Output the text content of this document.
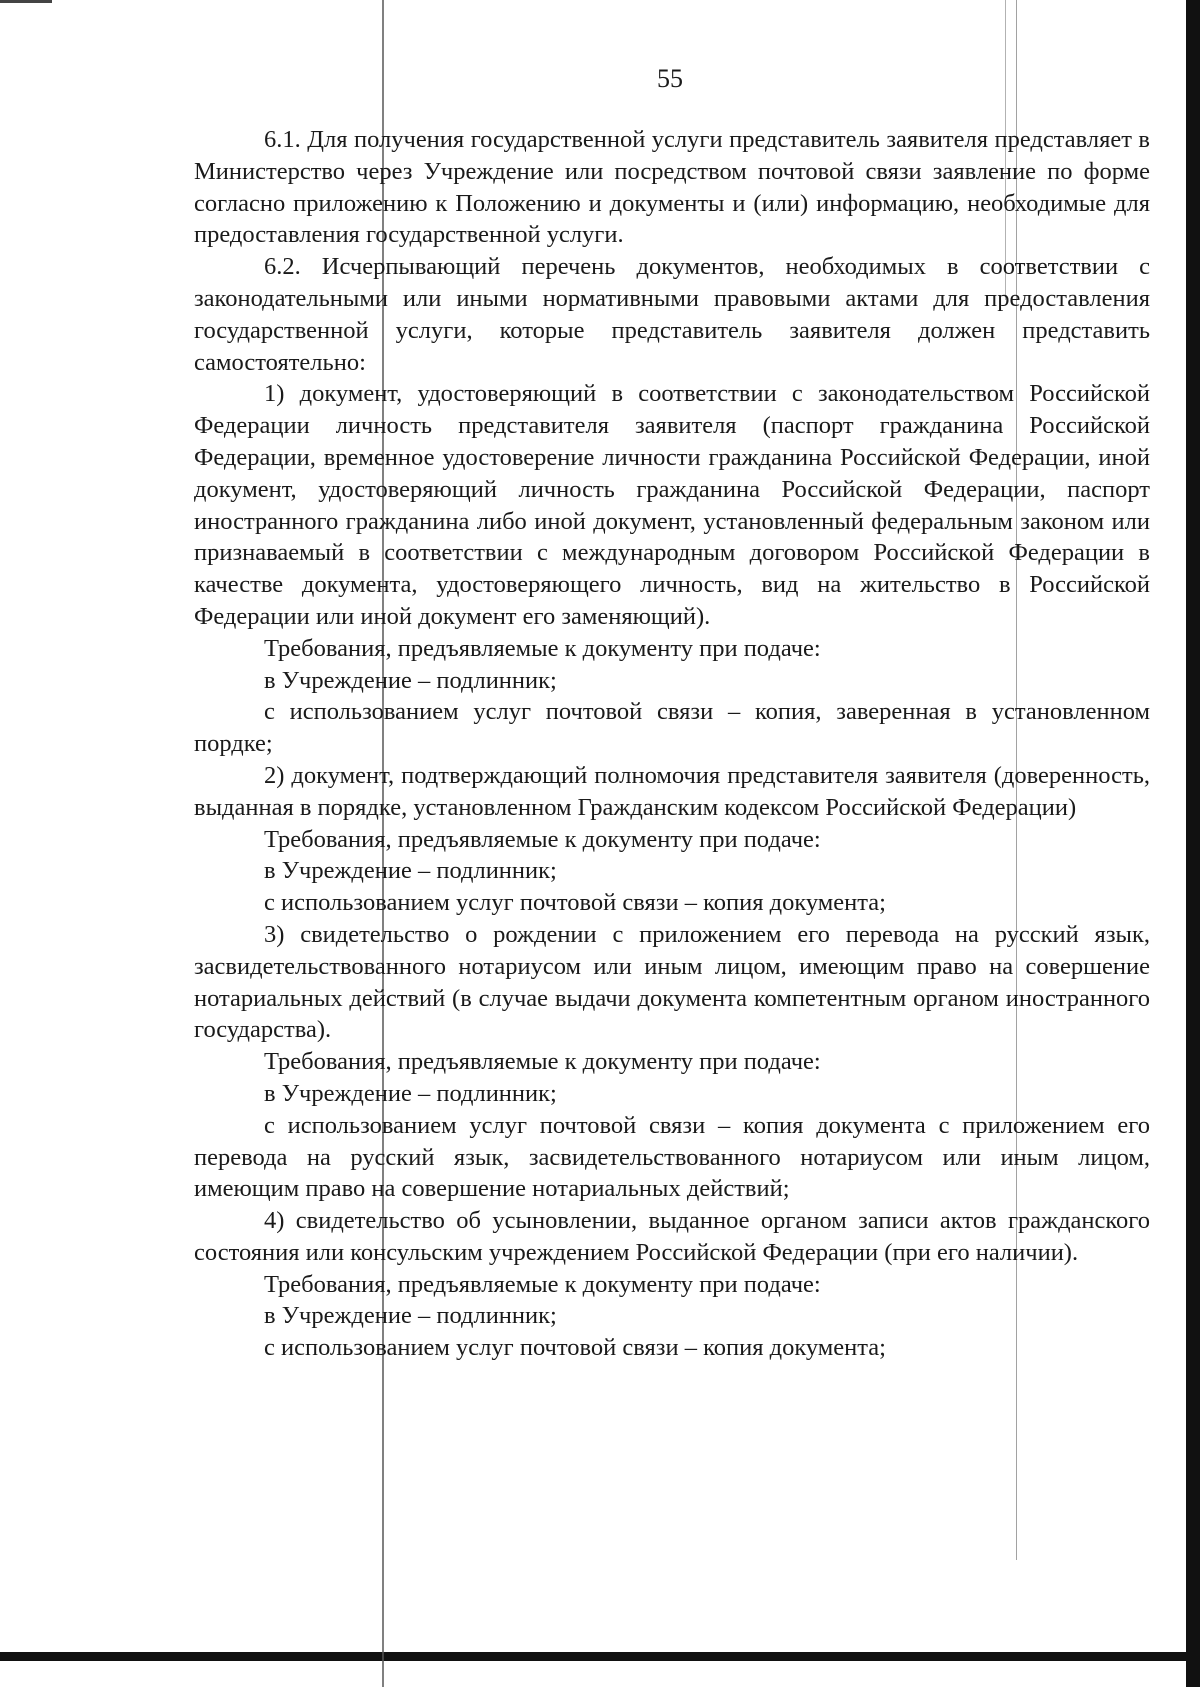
55

6.1. Для получения государственной услуги представитель заявителя представляет в Министерство через Учреждение или посредством почтовой связи заявление по форме согласно приложению к Положению и документы и (или) информацию, необходимые для предоставления государственной услуги.

6.2. Исчерпывающий перечень документов, необходимых в соответствии с законодательными или иными нормативными правовыми актами для предоставления государственной услуги, которые представитель заявителя должен представить самостоятельно:

1) документ, удостоверяющий в соответствии с законодательством Российской Федерации личность представителя заявителя (паспорт гражданина Российской Федерации, временное удостоверение личности гражданина Российской Федерации, иной документ, удостоверяющий личность гражданина Российской Федерации, паспорт иностранного гражданина либо иной документ, установленный федеральным законом или признаваемый в соответствии с международным договором Российской Федерации в качестве документа, удостоверяющего личность, вид на жительство в Российской Федерации или иной документ его заменяющий).

Требования, предъявляемые к документу при подаче:

в Учреждение – подлинник;

с использованием услуг почтовой связи – копия, заверенная в установленном пордке;

2) документ, подтверждающий полномочия представителя заявителя (доверенность, выданная в порядке, установленном Гражданским кодексом Российской Федерации)

Требования, предъявляемые к документу при подаче:

в Учреждение – подлинник;

с использованием услуг почтовой связи – копия документа;

3) свидетельство о рождении с приложением его перевода на русский язык, засвидетельствованного нотариусом или иным лицом, имеющим право на совершение нотариальных действий (в случае выдачи документа компетентным органом иностранного государства).

Требования, предъявляемые к документу при подаче:

в Учреждение – подлинник;

с использованием услуг почтовой связи – копия документа с приложением его перевода на русский язык, засвидетельствованного нотариусом или иным лицом, имеющим право на совершение нотариальных действий;

4) свидетельство об усыновлении, выданное органом записи актов гражданского состояния или консульским учреждением Российской Федерации (при его наличии).

Требования, предъявляемые к документу при подаче:

в Учреждение – подлинник;

с использованием услуг почтовой связи – копия документа;
